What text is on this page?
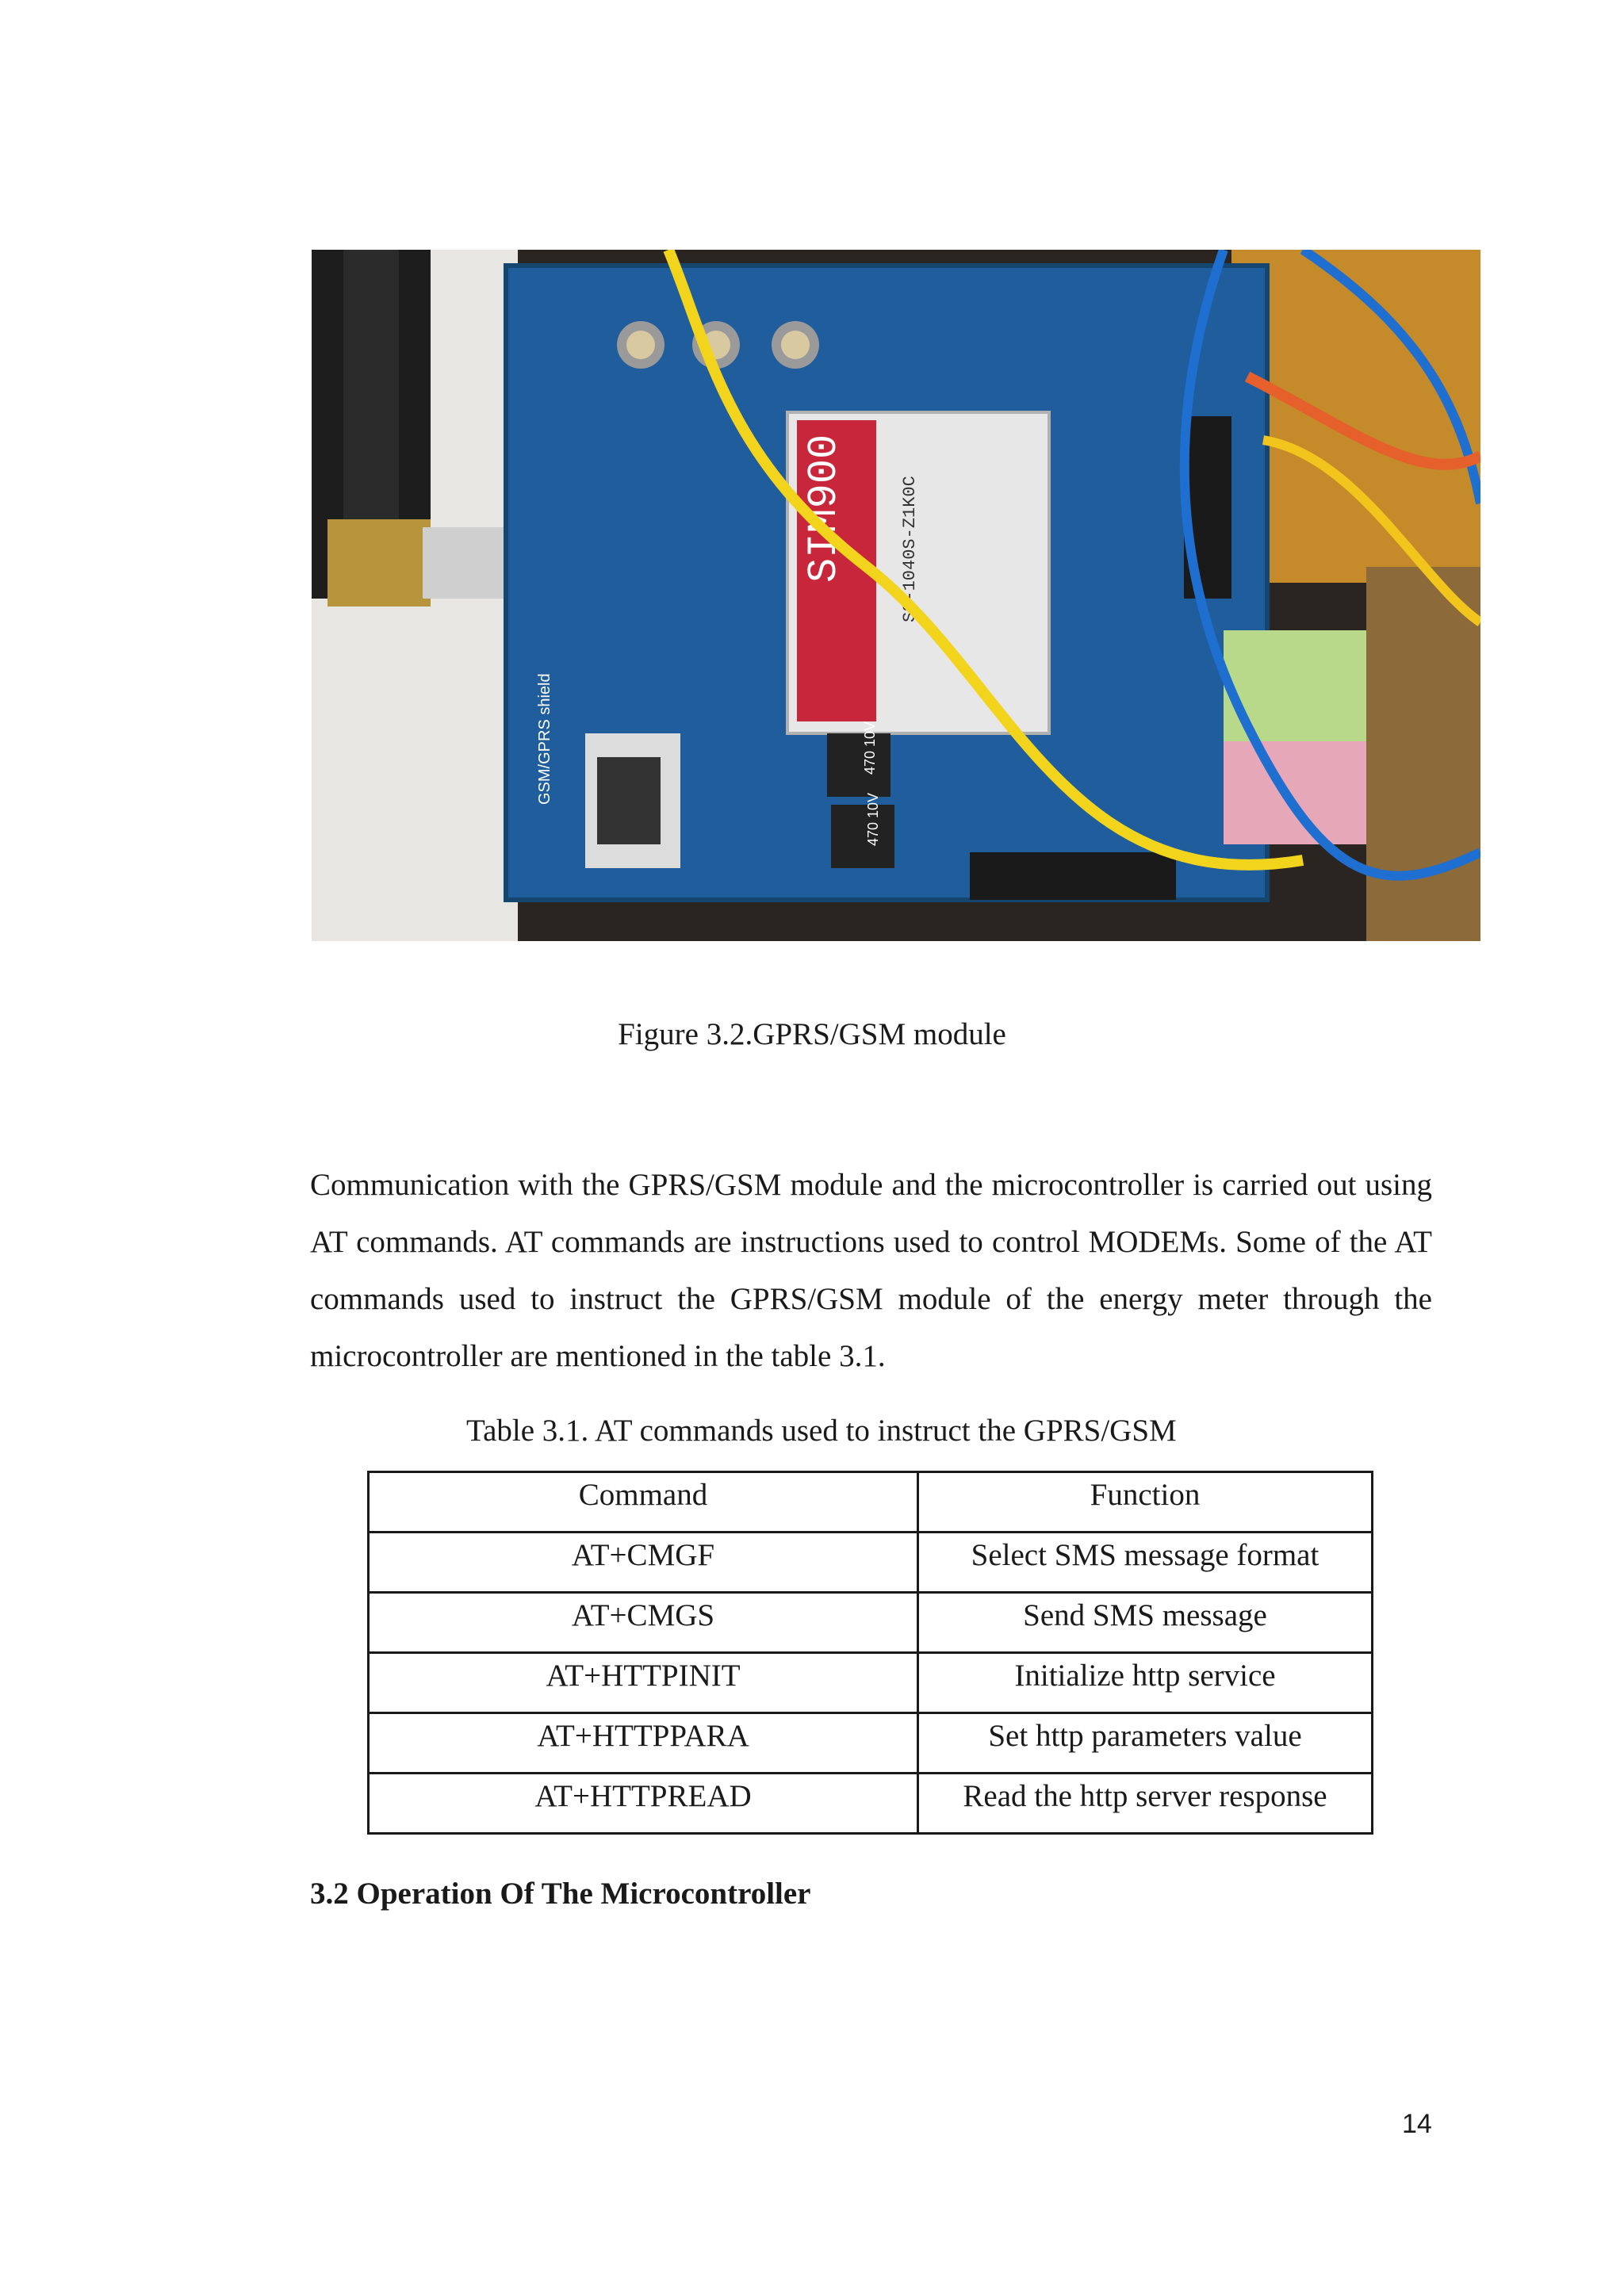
SIM900	S2-1040S-Z1K0C
470 10V
470 10V
GSM/GPRS shield
Figure 3.2.GPRS/GSM module

Communication with the GPRS/GSM module and the microcontroller is carried out using AT commands. AT commands are instructions used to control MODEMs. Some of the AT commands used to instruct the GPRS/GSM module of the energy meter through the microcontroller are mentioned in the table 3.1.

Table 3.1. AT commands used to instruct the GPRS/GSM
Command	Function
AT+CMGF	Select SMS message format
AT+CMGS	Send SMS message
AT+HTTPINIT	Initialize http service
AT+HTTPPARA	Set http parameters value
AT+HTTPREAD	Read the http server response
3.2 Operation Of The Microcontroller
14
